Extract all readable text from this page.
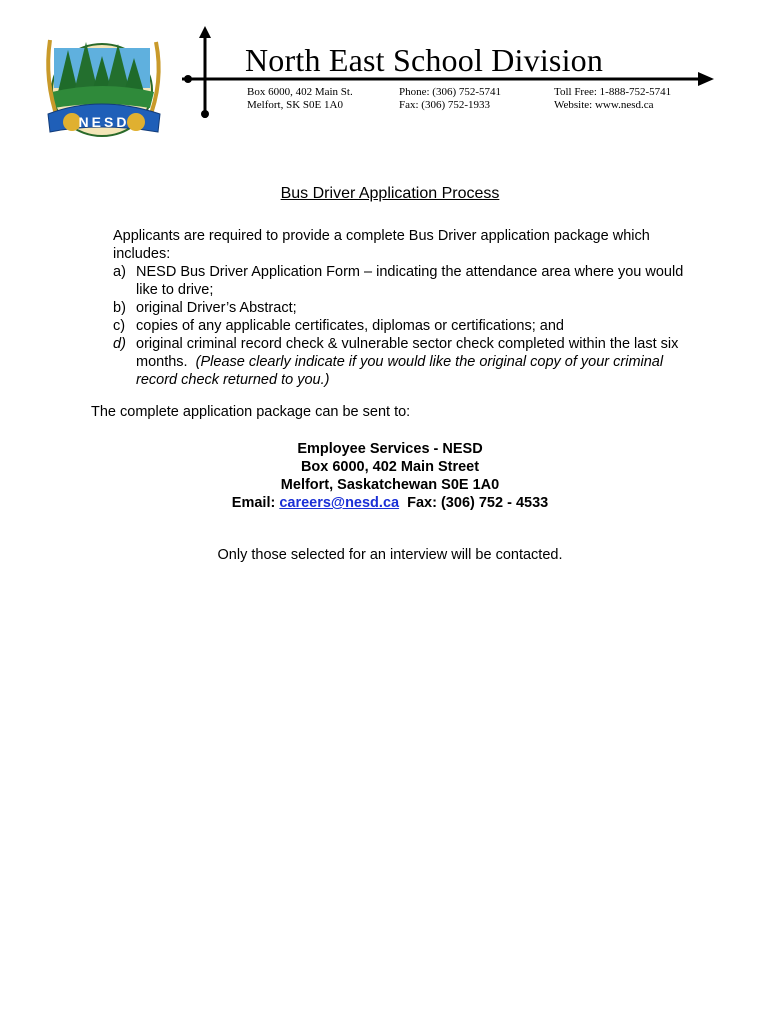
NESD
North East School Division
Box 6000, 402 Main St.
Melfort, SK S0E 1A0
Phone: (306) 752-5741
Fax: (306) 752-1933
Toll Free: 1-888-752-5741
Website: www.nesd.ca
Bus Driver Application Process

Applicants are required to provide a complete Bus Driver application package which includes:

a) NESD Bus Driver Application Form – indicating the attendance area where you would like to drive;
b) original Driver’s Abstract;
c) copies of any applicable certificates, diplomas or certifications; and
d) original criminal record check & vulnerable sector check completed within the last six months. (Please clearly indicate if you would like the original copy of your criminal record check returned to you.)

The complete application package can be sent to:

Employee Services - NESD
Box 6000, 402 Main Street
Melfort, Saskatchewan S0E 1A0
Email: careers@nesd.ca Fax: (306) 752 - 4533

Only those selected for an interview will be contacted.
